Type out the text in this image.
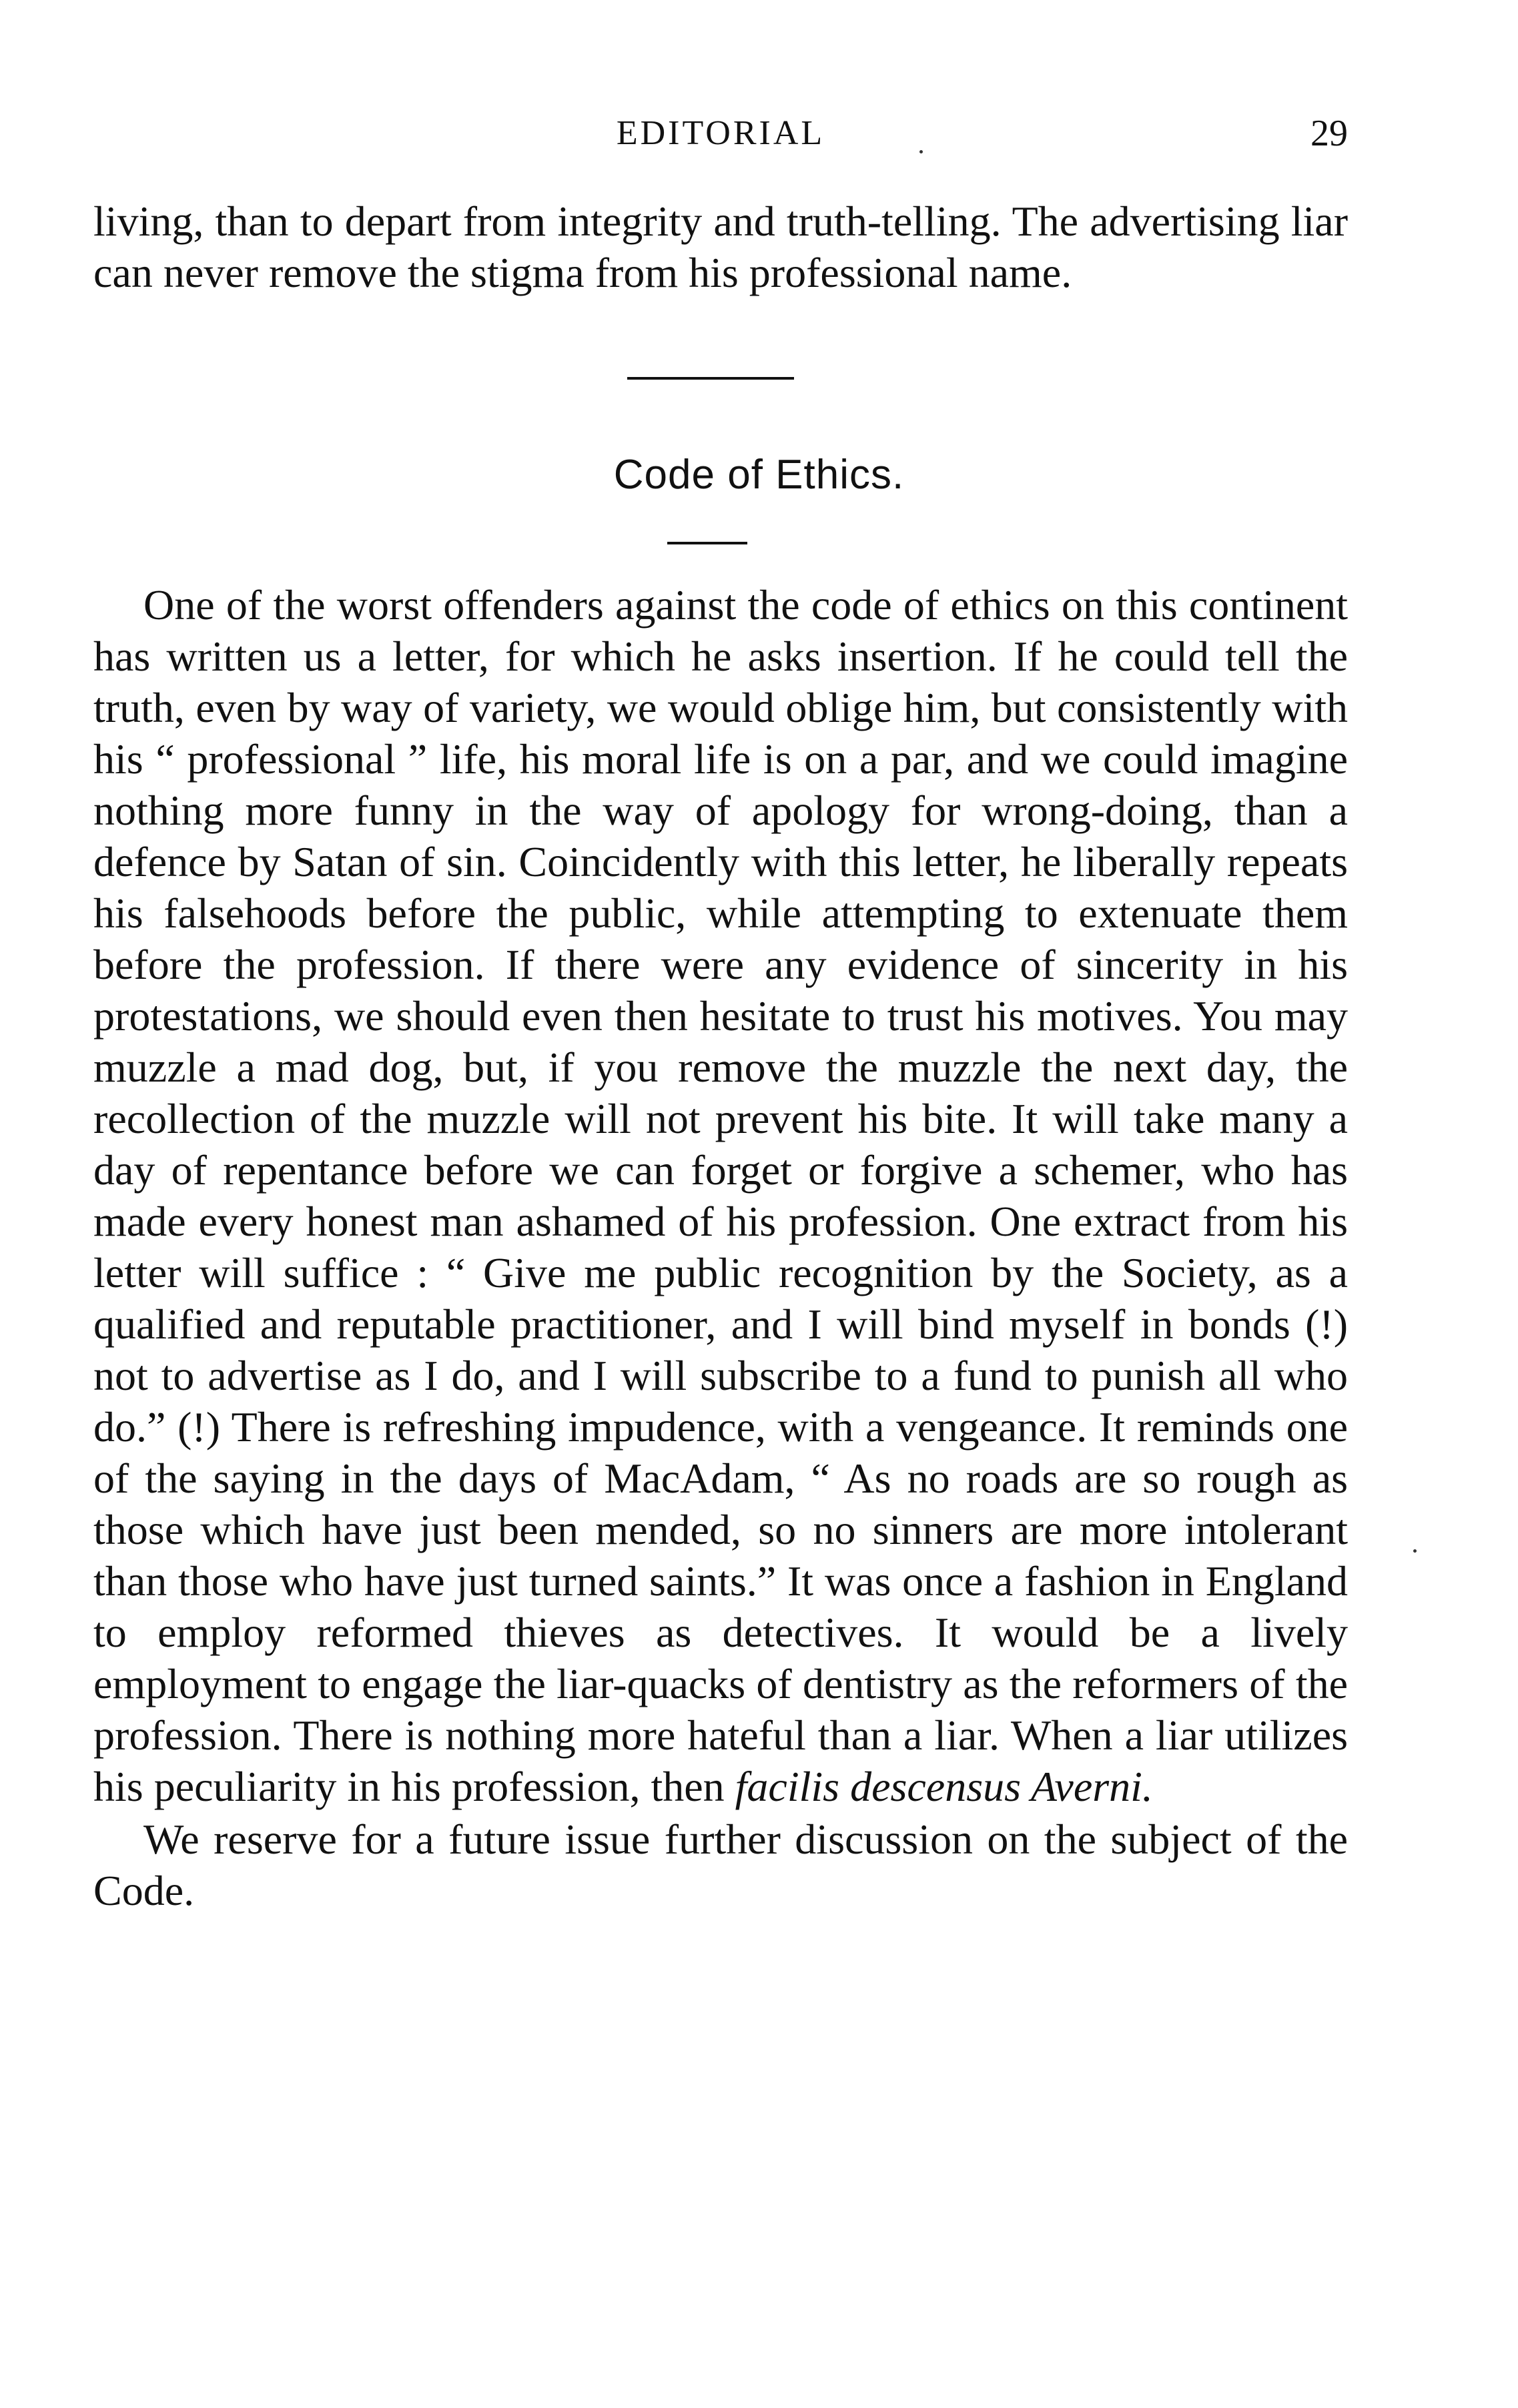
EDITORIAL	29
living, than to depart from integrity and truth-telling. The advertising liar can never remove the stigma from his professional name.
Code of Ethics.

One of the worst offenders against the code of ethics on this continent has written us a letter, for which he asks insertion. If he could tell the truth, even by way of variety, we would oblige him, but consistently with his “ professional ” life, his moral life is on a par, and we could imagine nothing more funny in the way of apology for wrong-doing, than a defence by Satan of sin. Coincidently with this letter, he liberally repeats his falsehoods before the public, while attempting to extenuate them before the profession. If there were any evidence of sincerity in his protestations, we should even then hesitate to trust his motives. You may muzzle a mad dog, but, if you remove the muzzle the next day, the recollection of the muzzle will not prevent his bite. It will take many a day of repentance before we can forget or forgive a schemer, who has made every honest man ashamed of his profession. One extract from his letter will suffice : “ Give me public recognition by the Society, as a qualified and reputable practitioner, and I will bind myself in bonds (!) not to advertise as I do, and I will subscribe to a fund to punish all who do.” (!) There is refreshing impudence, with a vengeance. It reminds one of the saying in the days of MacAdam, “ As no roads are so rough as those which have just been mended, so no sinners are more intolerant than those who have just turned saints.” It was once a fashion in England to employ reformed thieves as detectives. It would be a lively employment to engage the liar-quacks of dentistry as the reformers of the profession. There is nothing more hateful than a liar. When a liar utilizes his peculiarity in his profession, then facilis descensus Averni.

We reserve for a future issue further discussion on the subject of the Code.
